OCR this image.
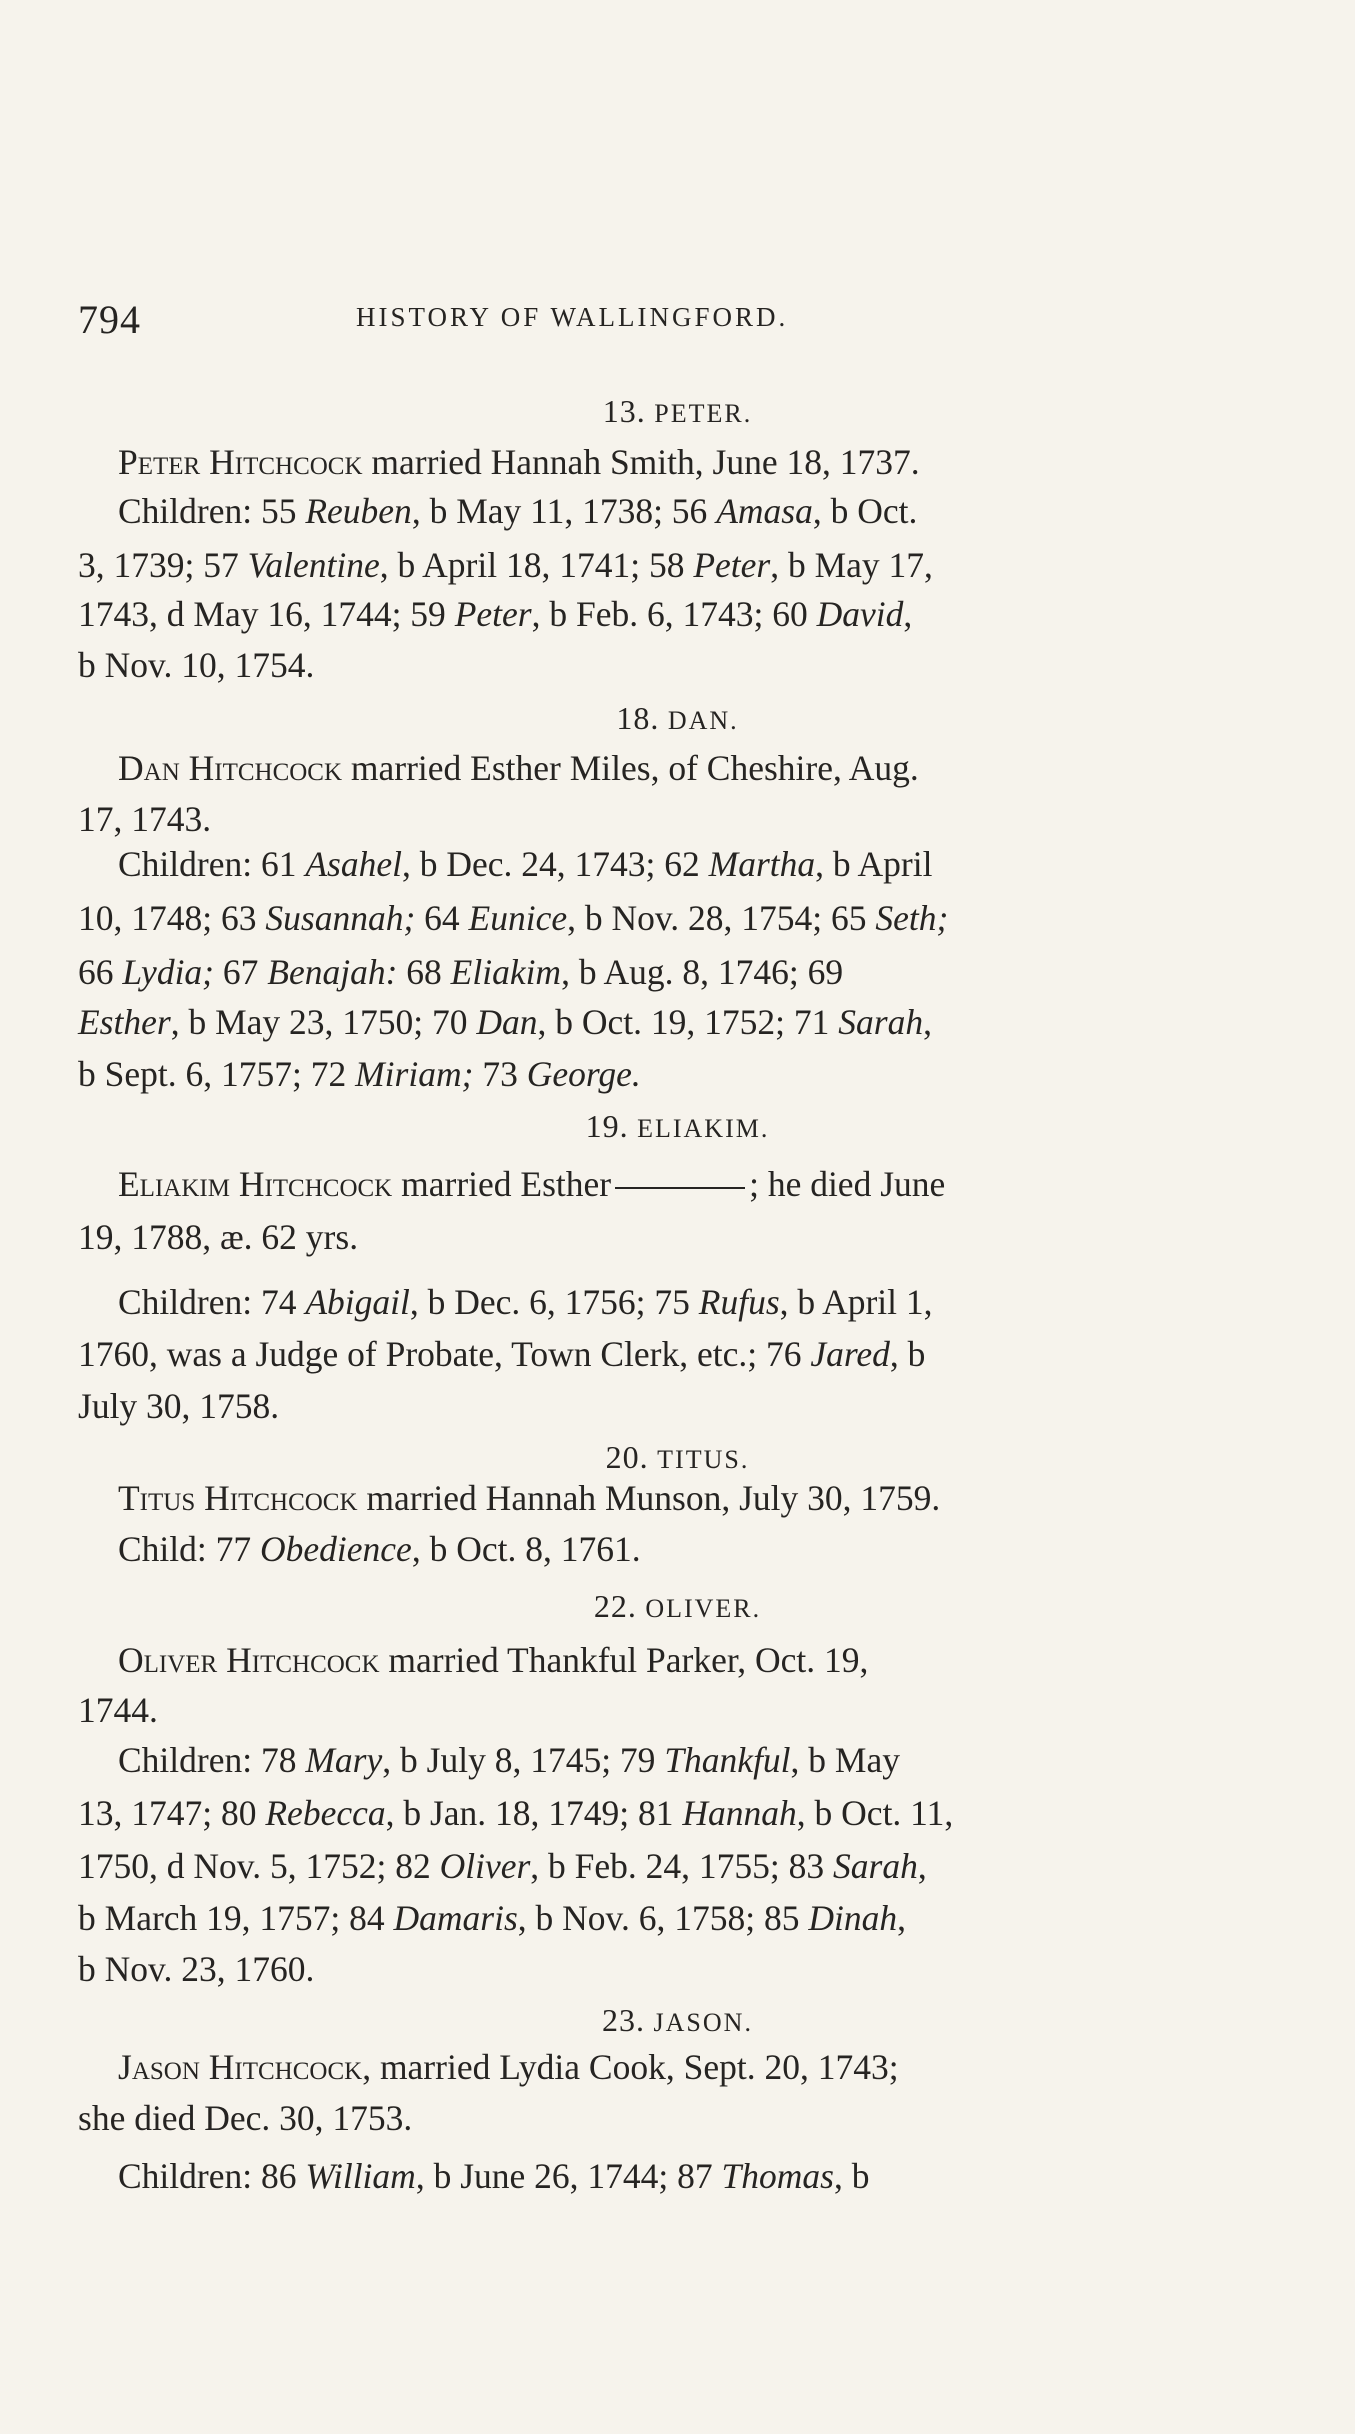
794	HISTORY OF WALLINGFORD.
13. PETER.
Peter Hitchcock married Hannah Smith, June 18, 1737.
Children: 55 Reuben, b May 11, 1738; 56 Amasa, b Oct.
3, 1739; 57 Valentine, b April 18, 1741; 58 Peter, b May 17,
1743, d May 16, 1744; 59 Peter, b Feb. 6, 1743; 60 David,
b Nov. 10, 1754.
18. DAN.
Dan Hitchcock married Esther Miles, of Cheshire, Aug.
17, 1743.
Children: 61 Asahel, b Dec. 24, 1743; 62 Martha, b April
10, 1748; 63 Susannah; 64 Eunice, b Nov. 28, 1754; 65 Seth;
66 Lydia; 67 Benajah: 68 Eliakim, b Aug. 8, 1746; 69
Esther, b May 23, 1750; 70 Dan, b Oct. 19, 1752; 71 Sarah,
b Sept. 6, 1757; 72 Miriam; 73 George.
19. ELIAKIM.
Eliakim Hitchcock married Esther	; he died June
19, 1788, æ. 62 yrs.
Children: 74 Abigail, b Dec. 6, 1756; 75 Rufus, b April 1,
1760, was a Judge of Probate, Town Clerk, etc.; 76 Jared, b
July 30, 1758.
20. TITUS.
Titus Hitchcock married Hannah Munson, July 30, 1759.
Child: 77 Obedience, b Oct. 8, 1761.
22. OLIVER.
Oliver Hitchcock married Thankful Parker, Oct. 19,
1744.
Children: 78 Mary, b July 8, 1745; 79 Thankful, b May
13, 1747; 80 Rebecca, b Jan. 18, 1749; 81 Hannah, b Oct. 11,
1750, d Nov. 5, 1752; 82 Oliver, b Feb. 24, 1755; 83 Sarah,
b March 19, 1757; 84 Damaris, b Nov. 6, 1758; 85 Dinah,
b Nov. 23, 1760.
23. JASON.
Jason Hitchcock, married Lydia Cook, Sept. 20, 1743;
she died Dec. 30, 1753.
Children: 86 William, b June 26, 1744; 87 Thomas, b
